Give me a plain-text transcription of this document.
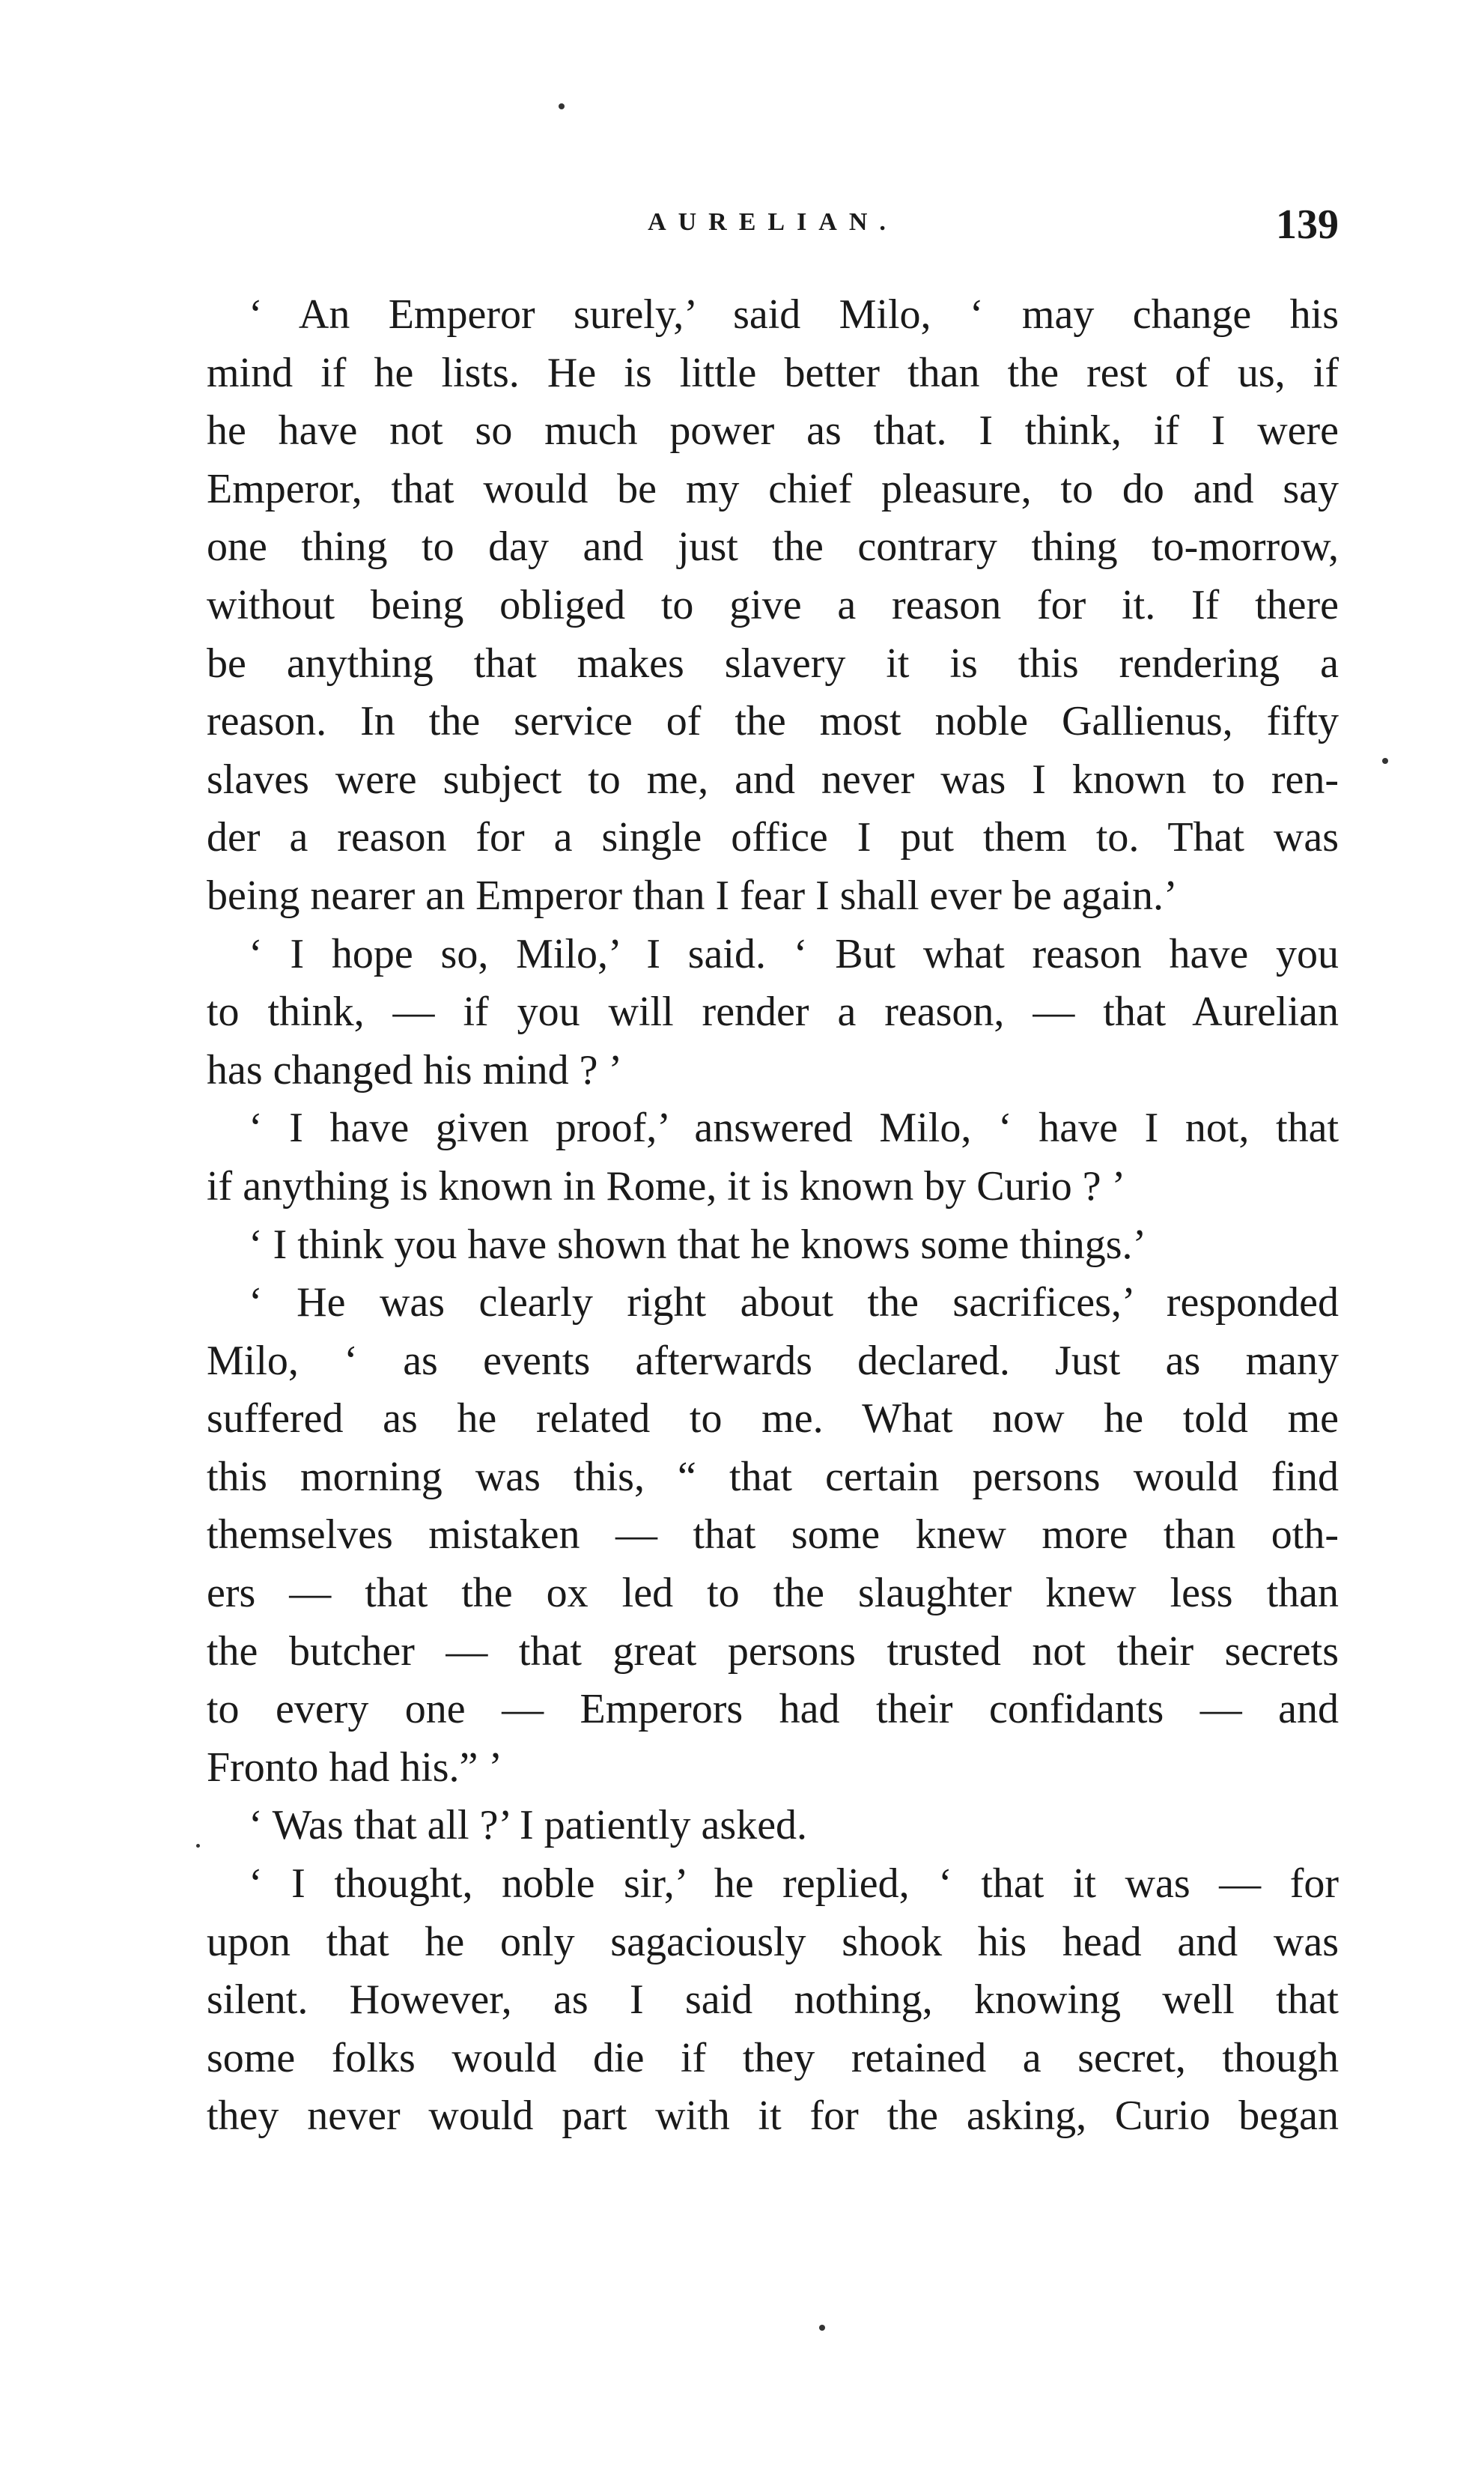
AURELIAN.	139
‘ An Emperor surely,’ said Milo, ‘ may change his
mind if he lists. He is little better than the rest of us, if
he have not so much power as that. I think, if I were
Emperor, that would be my chief pleasure, to do and say
one thing to day and just the contrary thing to-morrow,
without being obliged to give a reason for it. If there
be anything that makes slavery it is this rendering a
reason. In the service of the most noble Gallienus, fifty
slaves were subject to me, and never was I known to ren-
der a reason for a single office I put them to. That was
being nearer an Emperor than I fear I shall ever be again.’
‘ I hope so, Milo,’ I said. ‘ But what reason have you
to think, — if you will render a reason, — that Aurelian
has changed his mind ? ’
‘ I have given proof,’ answered Milo, ‘ have I not, that
if anything is known in Rome, it is known by Curio ? ’
‘ I think you have shown that he knows some things.’
‘ He was clearly right about the sacrifices,’ responded
Milo, ‘ as events afterwards declared. Just as many
suffered as he related to me. What now he told me
this morning was this, “ that certain persons would find
themselves mistaken — that some knew more than oth-
ers — that the ox led to the slaughter knew less than
the butcher — that great persons trusted not their secrets
to every one — Emperors had their confidants — and
Fronto had his.” ’
‘ Was that all ?’ I patiently asked.
‘ I thought, noble sir,’ he replied, ‘ that it was — for
upon that he only sagaciously shook his head and was
silent. However, as I said nothing, knowing well that
some folks would die if they retained a secret, though
they never would part with it for the asking, Curio began
